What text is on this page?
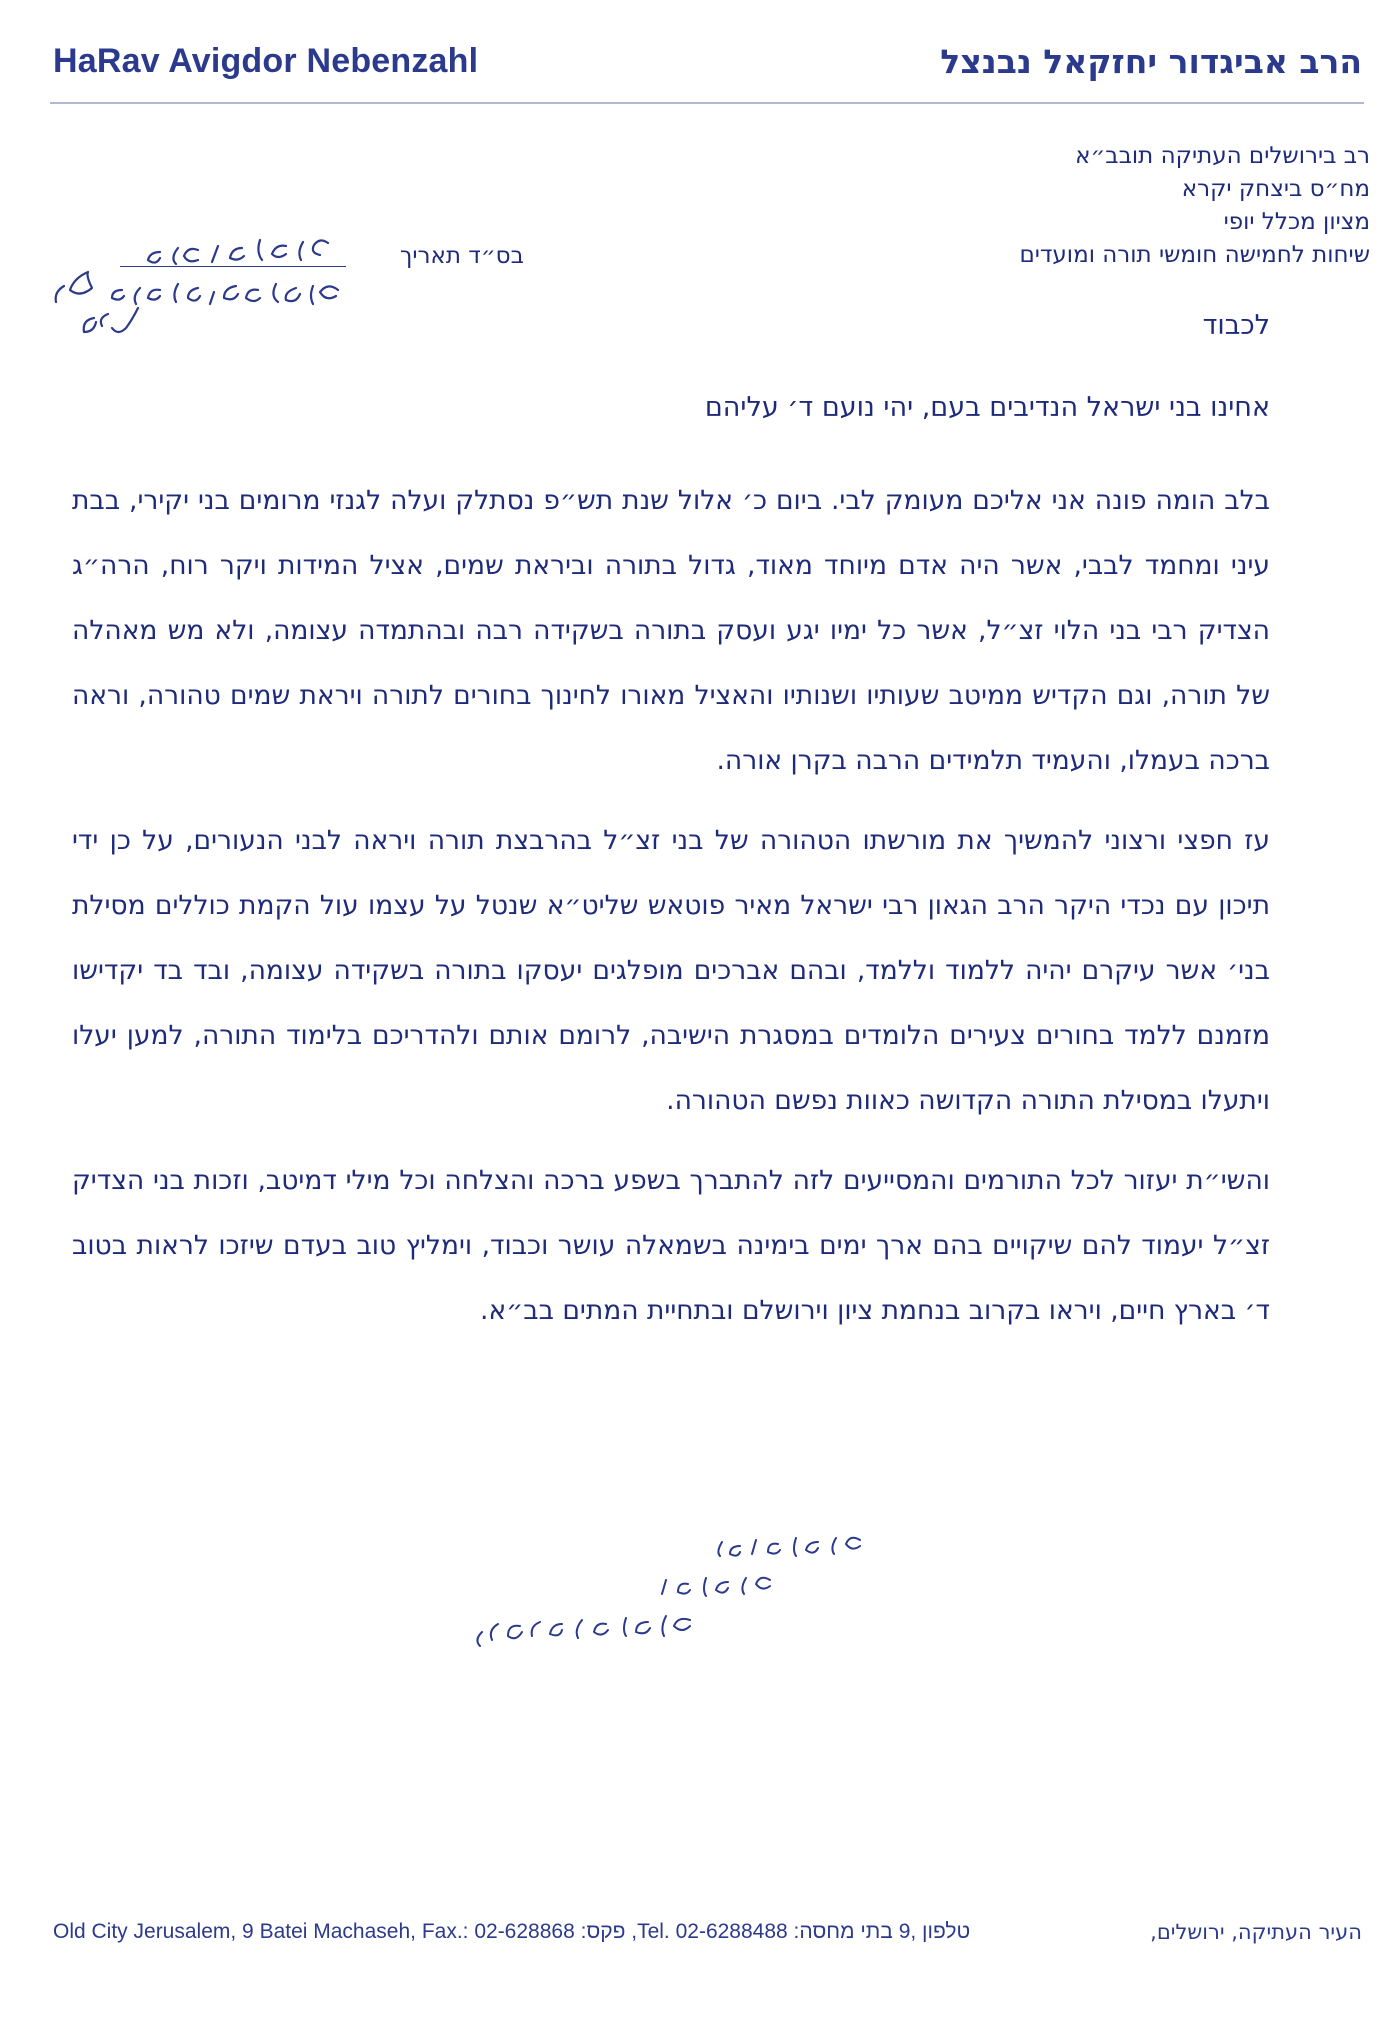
HaRav Avigdor Nebenzahl	הרב אביגדור יחזקאל נבנצל
רב בירושלים העתיקה תובב״א
מח״ס ביצחק יקרא
מציון מכלל יופי
שיחות לחמישה חומשי תורה ומועדים
בס״ד תאריך
לכבוד
אחינו בני ישראל הנדיבים בעם, יהי נועם ד׳ עליהם

בלב הומה פונה אני אליכם מעומק לבי. ביום כ׳ אלול שנת תש״פ נסתלק ועלה לגנזי מרומים בני יקירי, בבת עיני ומחמד לבבי, אשר היה אדם מיוחד מאוד, גדול בתורה וביראת שמים, אציל המידות ויקר רוח, הרה״ג הצדיק רבי בני הלוי זצ״ל, אשר כל ימיו יגע ועסק בתורה בשקידה רבה ובהתמדה עצומה, ולא מש מאהלה של תורה, וגם הקדיש ממיטב שעותיו ושנותיו והאציל מאורו לחינוך בחורים לתורה ויראת שמים טהורה, וראה ברכה בעמלו, והעמיד תלמידים הרבה בקרן אורה.

עז חפצי ורצוני להמשיך את מורשתו הטהורה של בני זצ״ל בהרבצת תורה ויראה לבני הנעורים, על כן ידי תיכון עם נכדי היקר הרב הגאון רבי ישראל מאיר פוטאש שליט״א שנטל על עצמו עול הקמת כוללים מסילת בני׳ אשר עיקרם יהיה ללמוד וללמד, ובהם אברכים מופלגים יעסקו בתורה בשקידה עצומה, ובד בד יקדישו מזמנם ללמד בחורים צעירים הלומדים במסגרת הישיבה, לרומם אותם ולהדריכם בלימוד התורה, למען יעלו ויתעלו במסילת התורה הקדושה כאוות נפשם הטהורה.

והשי״ת יעזור לכל התורמים והמסייעים לזה להתברך בשפע ברכה והצלחה וכל מילי דמיטב, וזכות בני הצדיק זצ״ל יעמוד להם שיקויים בהם ארך ימים בימינה בשמאלה עושר וכבוד, וימליץ טוב בעדם שיזכו לראות בטוב ד׳ בארץ חיים, ויראו בקרוב בנחמת ציון וירושלם ובתחיית המתים בב״א.

Old City Jerusalem, 9 Batei Machaseh, Fax.: 02-628868 :פקס ,Tel. 02-6288488 :טלפון ,9 בתי מחסה	העיר העתיקה, ירושלים,
